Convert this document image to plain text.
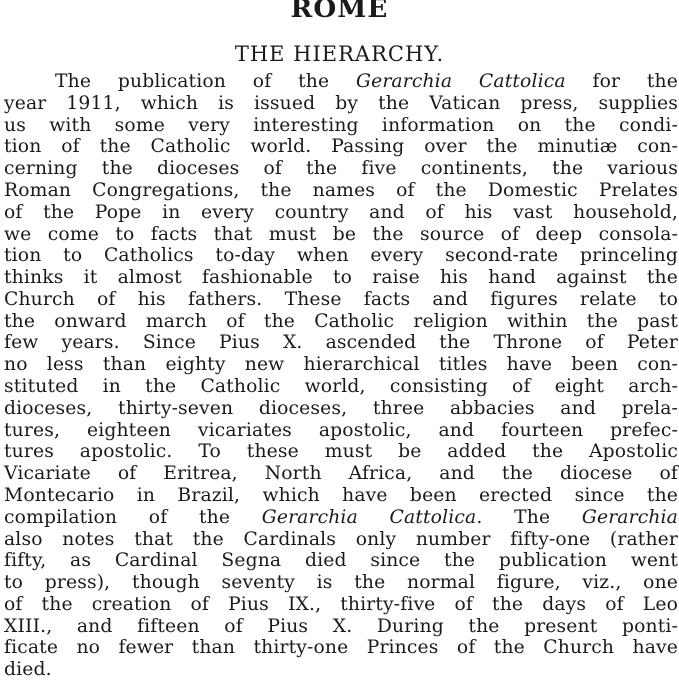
ROME
THE HIERARCHY.
The publication of the Gerarchia Cattolica for the
year 1911, which is issued by the Vatican press, supplies
us with some very interesting information on the condi-
tion of the Catholic world. Passing over the minutiæ con-
cerning the dioceses of the five continents, the various
Roman Congregations, the names of the Domestic Prelates
of the Pope in every country and of his vast household,
we come to facts that must be the source of deep consola-
tion to Catholics to-day when every second-rate princeling
thinks it almost fashionable to raise his hand against the
Church of his fathers. These facts and figures relate to
the onward march of the Catholic religion within the past
few years. Since Pius X. ascended the Throne of Peter
no less than eighty new hierarchical titles have been con-
stituted in the Catholic world, consisting of eight arch-
dioceses, thirty-seven dioceses, three abbacies and prela-
tures, eighteen vicariates apostolic, and fourteen prefec-
tures apostolic. To these must be added the Apostolic
Vicariate of Eritrea, North Africa, and the diocese of
Montecario in Brazil, which have been erected since the
compilation of the Gerarchia Cattolica. The Gerarchia
also notes that the Cardinals only number fifty-one (rather
fifty, as Cardinal Segna died since the publication went
to press), though seventy is the normal figure, viz., one
of the creation of Pius IX., thirty-five of the days of Leo
XIII., and fifteen of Pius X. During the present ponti-
ficate no fewer than thirty-one Princes of the Church have
died.
